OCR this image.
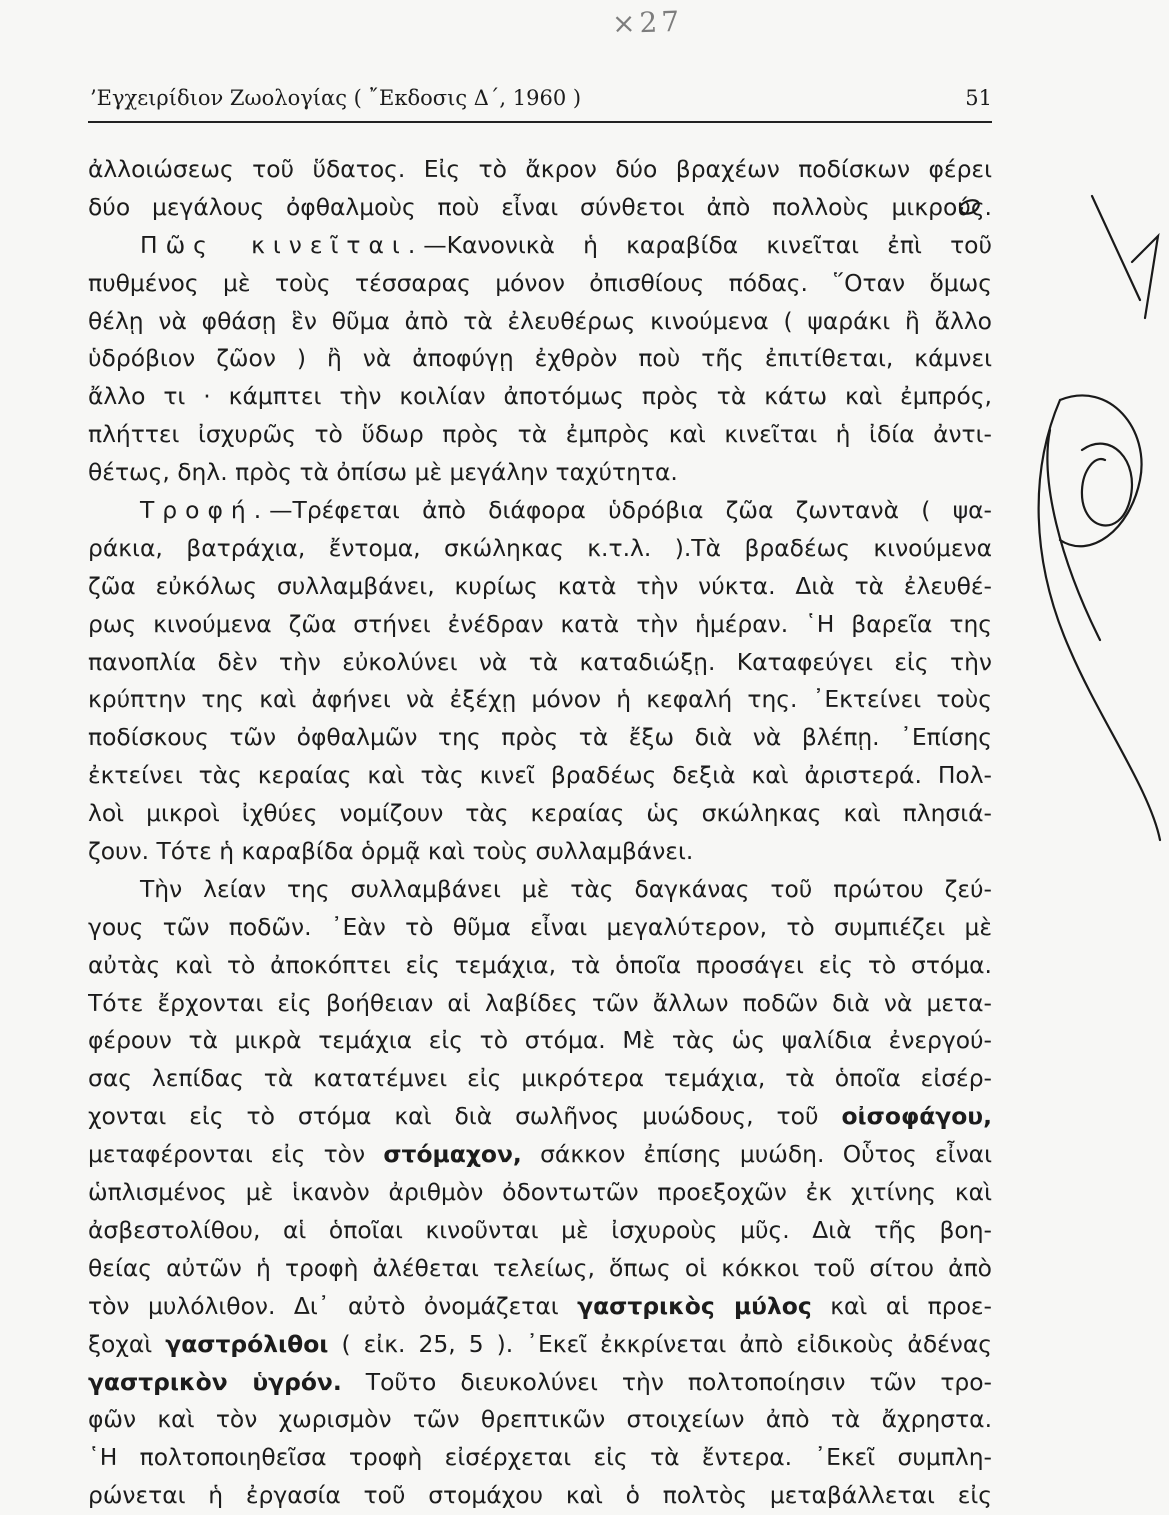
×27
’Εγχειρίδιον Ζωολογίας ( ῎Εκδοσις Δ΄, 1960 )	51
ἀλλοιώσεως τοῦ ὕδατος. Εἰς τὸ ἄκρον δύο βραχέων ποδίσκων φέρει
δύο μεγάλους ὀφθαλμοὺς ποὺ εἶναι σύνθετοι ἀπὸ πολλοὺς μικρούς.
Πῶς κινεῖται.—Κανονικὰ ἡ καραβίδα κινεῖται ἐπὶ τοῦ
πυθμένος μὲ τοὺς τέσσαρας μόνον ὀπισθίους πόδας. ῞Οταν ὅμως
θέλῃ νὰ φθάσῃ ἓν θῦμα ἀπὸ τὰ ἐλευθέρως κινούμενα ( ψαράκι ἢ ἄλλο
ὑδρόβιον ζῶον ) ἢ νὰ ἀποφύγῃ ἐχθρὸν ποὺ τῆς ἐπιτίθεται, κάμνει
ἄλλο τι · κάμπτει τὴν κοιλίαν ἀποτόμως πρὸς τὰ κάτω καὶ ἐμπρός,
πλήττει ἰσχυρῶς τὸ ὕδωρ πρὸς τὰ ἐμπρὸς καὶ κινεῖται ἡ ἰδία ἀντι-
θέτως, δηλ. πρὸς τὰ ὀπίσω μὲ μεγάλην ταχύτητα.
Τροφή.—Τρέφεται ἀπὸ διάφορα ὑδρόβια ζῶα ζωντανὰ ( ψα-
ράκια, βατράχια, ἔντομα, σκώληκας κ.τ.λ. ).Τὰ βραδέως κινούμενα
ζῶα εὐκόλως συλλαμβάνει, κυρίως κατὰ τὴν νύκτα. Διὰ τὰ ἐλευθέ-
ρως κινούμενα ζῶα στήνει ἐνέδραν κατὰ τὴν ἡμέραν. ῾Η βαρεῖα της
πανοπλία δὲν τὴν εὐκολύνει νὰ τὰ καταδιώξῃ. Καταφεύγει εἰς τὴν
κρύπτην της καὶ ἀφήνει νὰ ἐξέχῃ μόνον ἡ κεφαλή της. ᾿Εκτείνει τοὺς
ποδίσκους τῶν ὀφθαλμῶν της πρὸς τὰ ἔξω διὰ νὰ βλέπῃ. ᾿Επίσης
ἐκτείνει τὰς κεραίας καὶ τὰς κινεῖ βραδέως δεξιὰ καὶ ἀριστερά. Πολ-
λοὶ μικροὶ ἰχθύες νομίζουν τὰς κεραίας ὡς σκώληκας καὶ πλησιά-
ζουν. Τότε ἡ καραβίδα ὁρμᾷ καὶ τοὺς συλλαμβάνει.
Τὴν λείαν της συλλαμβάνει μὲ τὰς δαγκάνας τοῦ πρώτου ζεύ-
γους τῶν ποδῶν. ᾿Εὰν τὸ θῦμα εἶναι μεγαλύτερον, τὸ συμπιέζει μὲ
αὐτὰς καὶ τὸ ἀποκόπτει εἰς τεμάχια, τὰ ὁποῖα προσάγει εἰς τὸ στόμα.
Τότε ἔρχονται εἰς βοήθειαν αἱ λαβίδες τῶν ἄλλων ποδῶν διὰ νὰ μετα-
φέρουν τὰ μικρὰ τεμάχια εἰς τὸ στόμα. Μὲ τὰς ὡς ψαλίδια ἐνεργού-
σας λεπίδας τὰ κατατέμνει εἰς μικρότερα τεμάχια, τὰ ὁποῖα εἰσέρ-
χονται εἰς τὸ στόμα καὶ διὰ σωλῆνος μυώδους, τοῦ οἰσοφάγου,
μεταφέρονται εἰς τὸν στόμαχον, σάκκον ἐπίσης μυώδη. Οὗτος εἶναι
ὡπλισμένος μὲ ἱκανὸν ἀριθμὸν ὀδοντωτῶν προεξοχῶν ἐκ χιτίνης καὶ
ἀσβεστολίθου, αἱ ὁποῖαι κινοῦνται μὲ ἰσχυροὺς μῦς. Διὰ τῆς βοη-
θείας αὐτῶν ἡ τροφὴ ἀλέθεται τελείως, ὅπως οἱ κόκκοι τοῦ σίτου ἀπὸ
τὸν μυλόλιθον. Δι᾿ αὐτὸ ὀνομάζεται γαστρικὸς μύλος καὶ αἱ προε-
ξοχαὶ γαστρόλιθοι ( εἰκ. 25, 5 ). ᾿Εκεῖ ἐκκρίνεται ἀπὸ εἰδικοὺς ἀδένας
γαστρικὸν ὑγρόν. Τοῦτο διευκολύνει τὴν πολτοποίησιν τῶν τρο-
φῶν καὶ τὸν χωρισμὸν τῶν θρεπτικῶν στοιχείων ἀπὸ τὰ ἄχρηστα.
῾Η πολτοποιηθεῖσα τροφὴ εἰσέρχεται εἰς τὰ ἔντερα. ᾿Εκεῖ συμπλη-
ρώνεται ἡ ἐργασία τοῦ στομάχου καὶ ὁ πολτὸς μεταβάλλεται εἰς
